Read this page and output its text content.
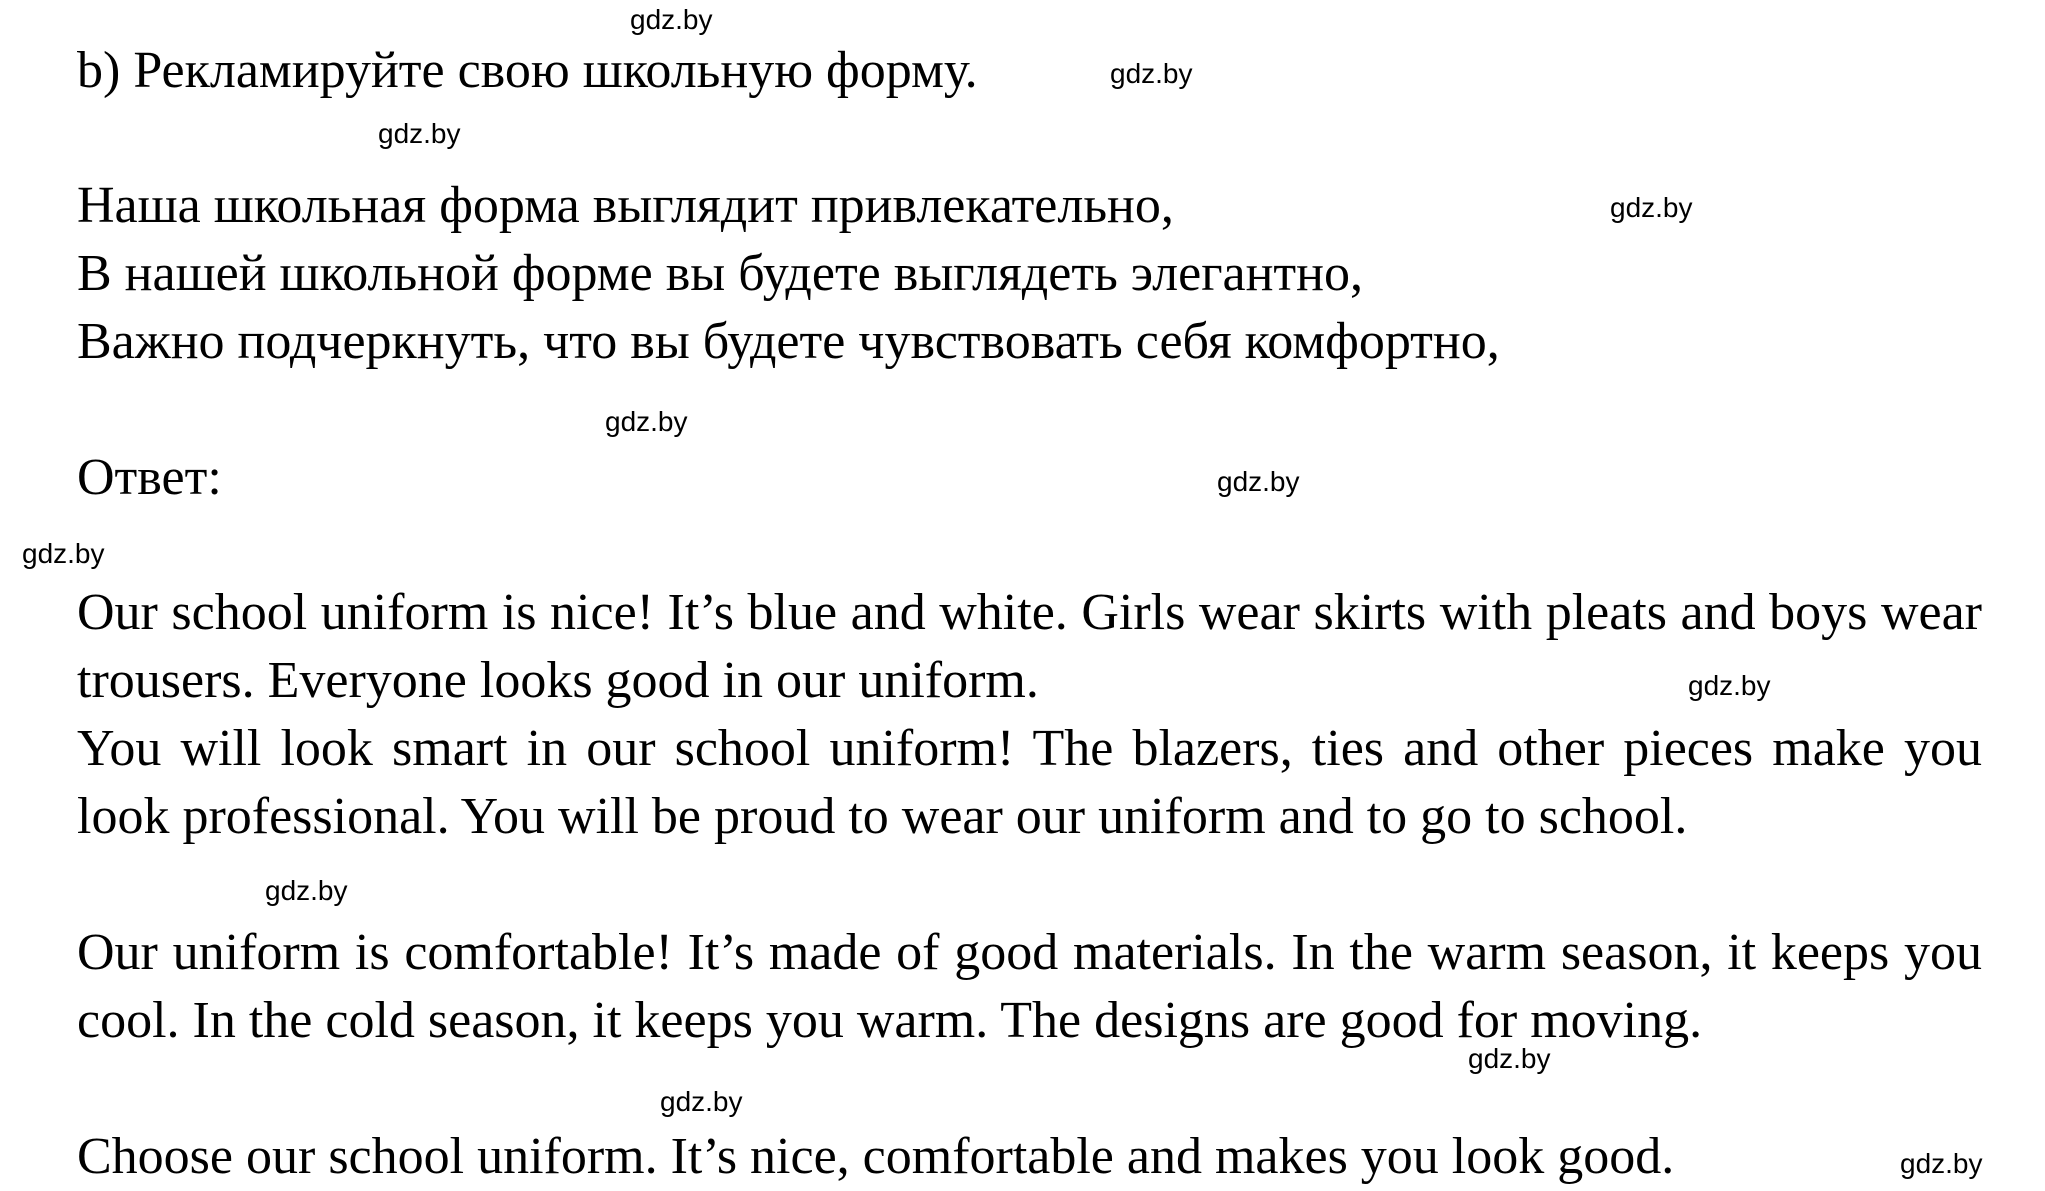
b) Рекламируйте свою школьную форму.
Наша школьная форма выглядит привлекательно,
В нашей школьной форме вы будете выглядеть элегантно,
Важно подчеркнуть, что вы будете чувствовать себя комфортно,
Ответ:

Our school uniform is nice! It’s blue and white. Girls wear skirts with pleats and boys wear trousers. Everyone looks good in our uniform.

You will look smart in our school uniform! The blazers, ties and other pieces make you look professional. You will be proud to wear our uniform and to go to school.

Our uniform is comfortable! It’s made of good materials. In the warm season, it keeps you cool. In the cold season, it keeps you warm. The designs are good for moving.

Choose our school uniform. It’s nice, comfortable and makes you look good.

gdz.by
gdz.by
gdz.by
gdz.by
gdz.by
gdz.by
gdz.by
gdz.by
gdz.by
gdz.by
gdz.by
gdz.by
